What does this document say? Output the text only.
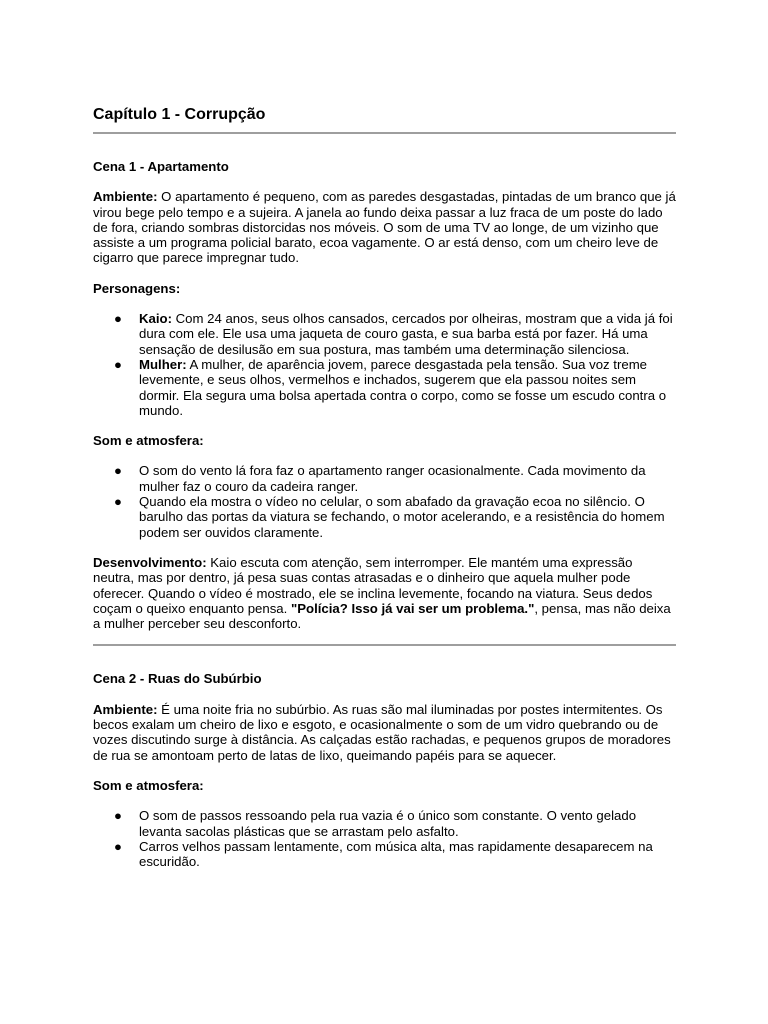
Capítulo 1 - Corrupção

Cena 1 - Apartamento

Ambiente: O apartamento é pequeno, com as paredes desgastadas, pintadas de um branco que já virou bege pelo tempo e a sujeira. A janela ao fundo deixa passar a luz fraca de um poste do lado de fora, criando sombras distorcidas nos móveis. O som de uma TV ao longe, de um vizinho que assiste a um programa policial barato, ecoa vagamente. O ar está denso, com um cheiro leve de cigarro que parece impregnar tudo.

Personagens:

● Kaio: Com 24 anos, seus olhos cansados, cercados por olheiras, mostram que a vida já foi dura com ele. Ele usa uma jaqueta de couro gasta, e sua barba está por fazer. Há uma sensação de desilusão em sua postura, mas também uma determinação silenciosa.
● Mulher: A mulher, de aparência jovem, parece desgastada pela tensão. Sua voz treme levemente, e seus olhos, vermelhos e inchados, sugerem que ela passou noites sem dormir. Ela segura uma bolsa apertada contra o corpo, como se fosse um escudo contra o mundo.

Som e atmosfera:

● O som do vento lá fora faz o apartamento ranger ocasionalmente. Cada movimento da mulher faz o couro da cadeira ranger.
● Quando ela mostra o vídeo no celular, o som abafado da gravação ecoa no silêncio. O barulho das portas da viatura se fechando, o motor acelerando, e a resistência do homem podem ser ouvidos claramente.

Desenvolvimento: Kaio escuta com atenção, sem interromper. Ele mantém uma expressão neutra, mas por dentro, já pesa suas contas atrasadas e o dinheiro que aquela mulher pode oferecer. Quando o vídeo é mostrado, ele se inclina levemente, focando na viatura. Seus dedos coçam o queixo enquanto pensa. "Polícia? Isso já vai ser um problema.", pensa, mas não deixa a mulher perceber seu desconforto.

Cena 2 - Ruas do Subúrbio

Ambiente: É uma noite fria no subúrbio. As ruas são mal iluminadas por postes intermitentes. Os becos exalam um cheiro de lixo e esgoto, e ocasionalmente o som de um vidro quebrando ou de vozes discutindo surge à distância. As calçadas estão rachadas, e pequenos grupos de moradores de rua se amontoam perto de latas de lixo, queimando papéis para se aquecer.

Som e atmosfera:

● O som de passos ressoando pela rua vazia é o único som constante. O vento gelado levanta sacolas plásticas que se arrastam pelo asfalto.
● Carros velhos passam lentamente, com música alta, mas rapidamente desaparecem na escuridão.
